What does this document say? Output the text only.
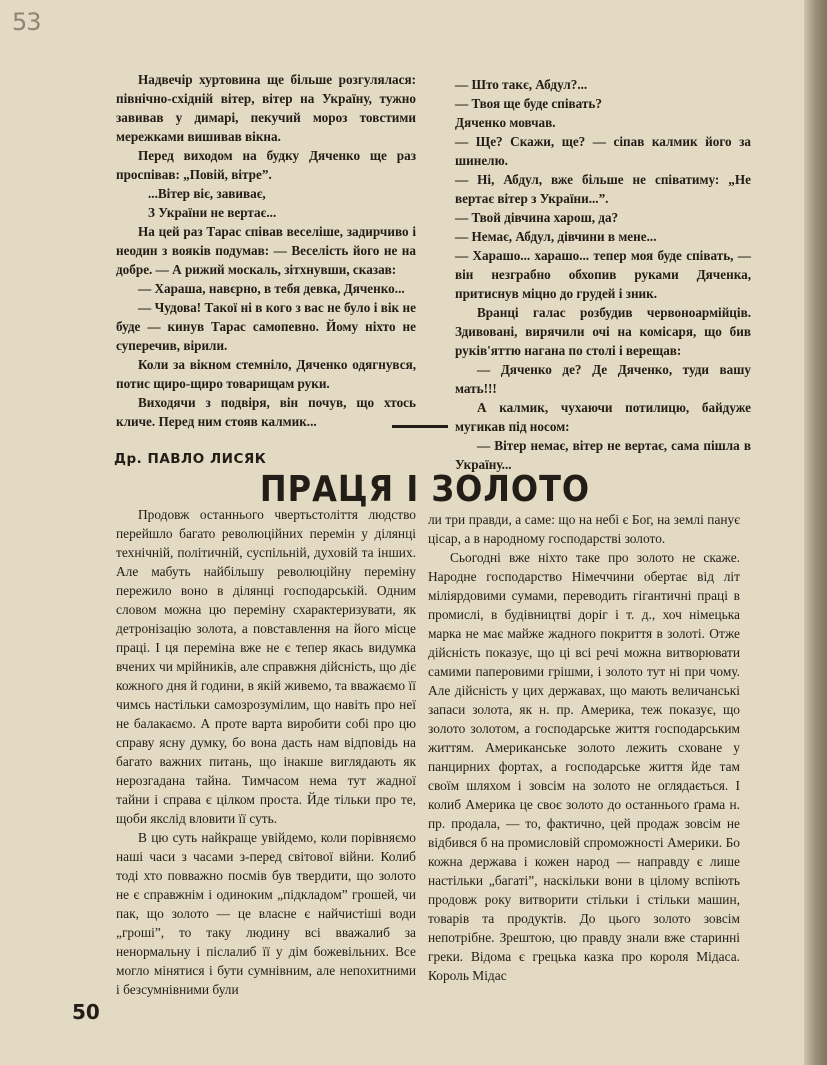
53

Надвечір хуртовина ще більше розгулялася: північно-східній вітер, вітер на Україну, тужно завивав у димарі, пекучий мороз товстими мережками вишивав вікна.

Перед виходом на будку Дяченко ще раз проспівав: „Повій, вітре”.

...Вітер віє, завиває,

З України не вертає...

На цей раз Тарас співав веселіше, задирчиво і неодин з вояків подумав: — Веселість його не на добре. — А рижий москаль, зітхнувши, сказав:

— Хараша, навєрно, в тебя девка, Дяченко...

— Чудова! Такої ні в кого з вас не було і вік не буде — кинув Тарас самопевно. Йому ніхто не суперечив, вірили.

Коли за вікном стемніло, Дяченко одягнувся, потис щиро-щиро товарищам руки.

Виходячи з подвіря, він почув, що хтось кличе. Перед ним стояв калмик...

— Што такє, Абдул?...

— Твоя ще буде співать?

Дяченко мовчав.

— Ще? Скажи, ще? — сіпав калмик його за шинелю.

— Ні, Абдул, вже більше не співатиму: „Не вертає вітер з України...”.

— Твой дівчина харош, да?

— Немає, Абдул, дівчини в мене...

— Харашо... харашо... тепер моя буде співать, — він незграбно обхопив руками Дяченка, притиснув міцно до грудей і зник.

Вранці галас розбудив червоноармійців. Здивовані, вирячили очі на комісаря, що бив руків'яттю нагана по столі і верещав:

— Дяченко де? Де Дяченко, туди вашу мать!!!

А калмик, чухаючи потилицю, байдуже мугикав під носом:

— Вітер немає, вітер не вертає, сама пішла в Україну...

Др. ПАВЛО ЛИСЯК
ПРАЦЯ І ЗОЛОТО

Продовж останнього чвертьстоліття людство перейшло багато революційних перемін у ділянці технічній, політичній, суспільній, духовій та інших. Але мабуть найбільшу революційну переміну пережило воно в ділянці господарській. Одним словом можна цю переміну схарактеризувати, як детронізацію золота, а повставлення на його місце праці. І ця переміна вже не є тепер якась видумка вчених чи мрійників, але справжня дійсність, що діє кожного дня й години, в якій живемо, та вважаємо її чимсь настільки самозрозумілим, що навіть про неї не балакаємо. А проте варта виробити собі про цю справу ясну думку, бо вона дасть нам відповідь на багато важних питань, що інакше виглядають як нерозгадана тайна. Тимчасом нема тут жадної тайни і справа є цілком проста. Йде тільки про те, щоби якслід вловити її суть.

В цю суть найкраще увійдемо, коли порівняємо наші часи з часами з-перед світової війни. Колиб тоді хто повважно посмів був твердити, що золото не є справжнім і одиноким „підкладом” грошей, чи пак, що золото — це власне є найчистіші води „гроші”, то таку людину всі вважалиб за ненормальну і післалиб її у дім божевільних. Все могло мінятися і бути сумнівним, але непохитними і безсумнівними були

ли три правди, а саме: що на небі є Бог, на землі панує цісар, а в народному господарстві золото.

Сьогодні вже ніхто таке про золото не скаже. Народне господарство Німеччини обертає від літ міліярдовими сумами, переводить гігантичні праці в промислі, в будівництві доріг і т. д., хоч німецька марка не має майже жадного покриття в золоті. Отже дійсність показує, що ці всі речі можна витворювати самими паперовими грішми, і золото тут ні при чому. Але дійсність у цих державах, що мають величанські запаси золота, як н. пр. Америка, теж показує, що золото золотом, а господарське життя господарським життям. Американське золото лежить сховане у панцирних фортах, а господарське життя йде там своїм шляхом і зовсім на золото не оглядається. І колиб Америка це своє золото до останнього ґрама н. пр. продала, — то, фактично, цей продаж зовсім не відбився б на промисловій спроможності Америки. Бо кожна держава і кожен народ — направду є лише настільки „багаті”, наскільки вони в цілому вспіють продовж року витворити стільки і стільки машин, товарів та продуктів. До цього золото зовсім непотрібне. Зрештою, цю правду знали вже старинні греки. Відома є грецька казка про короля Мідаса. Король Мідас

50
